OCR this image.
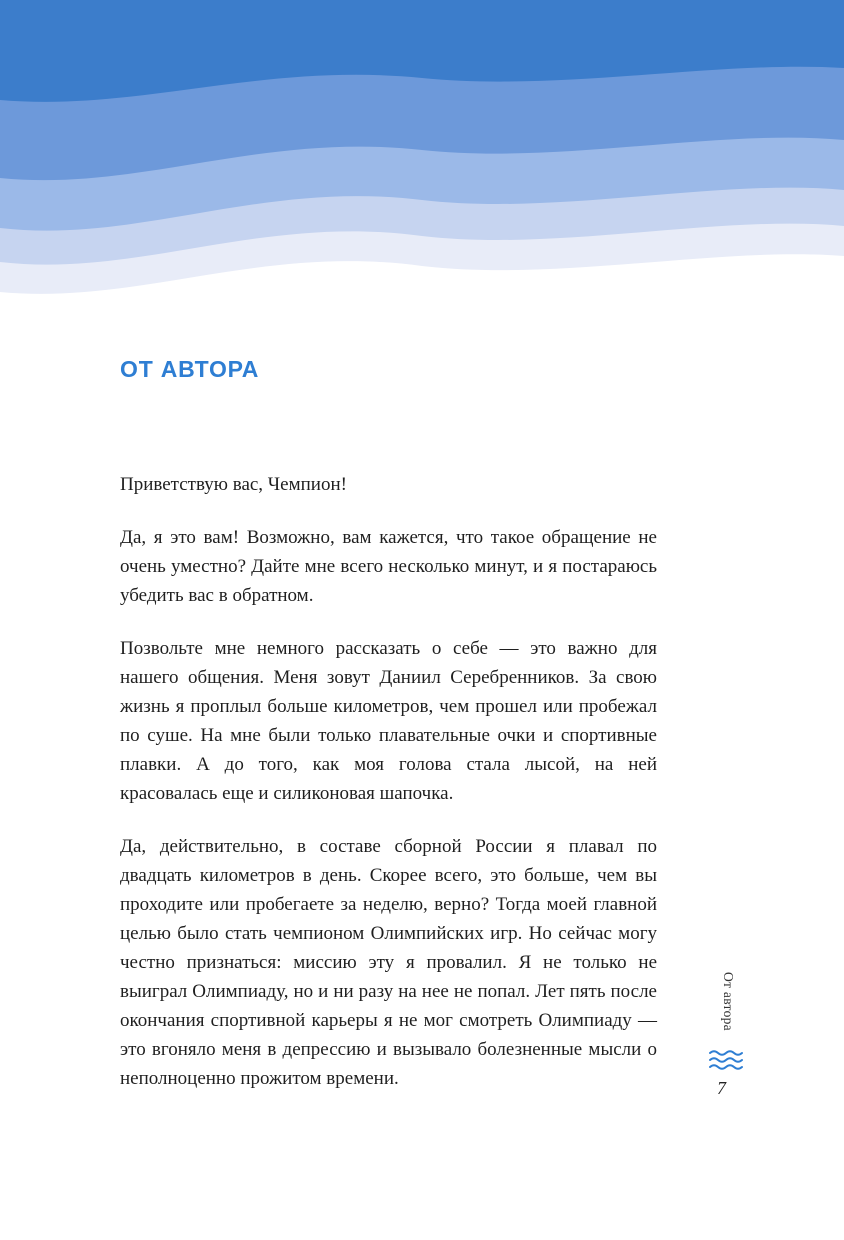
ОТ АВТОРА

Приветствую вас, Чемпион!

Да, я это вам! Возможно, вам кажется, что такое обращение не очень уместно? Дайте мне всего несколько минут, и я постараюсь убедить вас в обратном.

Позвольте мне немного рассказать о себе — это важно для нашего общения. Меня зовут Даниил Серебренников. За свою жизнь я проплыл больше километров, чем прошел или пробежал по суше. На мне были только плавательные очки и спортивные плавки. А до того, как моя голова стала лысой, на ней красовалась еще и силиконовая шапочка.

Да, действительно, в составе сборной России я плавал по двадцать километров в день. Скорее всего, это больше, чем вы проходите или пробегаете за неделю, верно? Тогда моей главной целью было стать чемпионом Олимпийских игр. Но сейчас могу честно признаться: миссию эту я провалил. Я не только не выиграл Олимпиаду, но и ни разу на нее не попал. Лет пять после окончания спортивной карьеры я не мог смотреть Олимпиаду — это вгоняло меня в депрессию и вызывало болезненные мысли о неполноценно прожитом времени.

От автора
7
